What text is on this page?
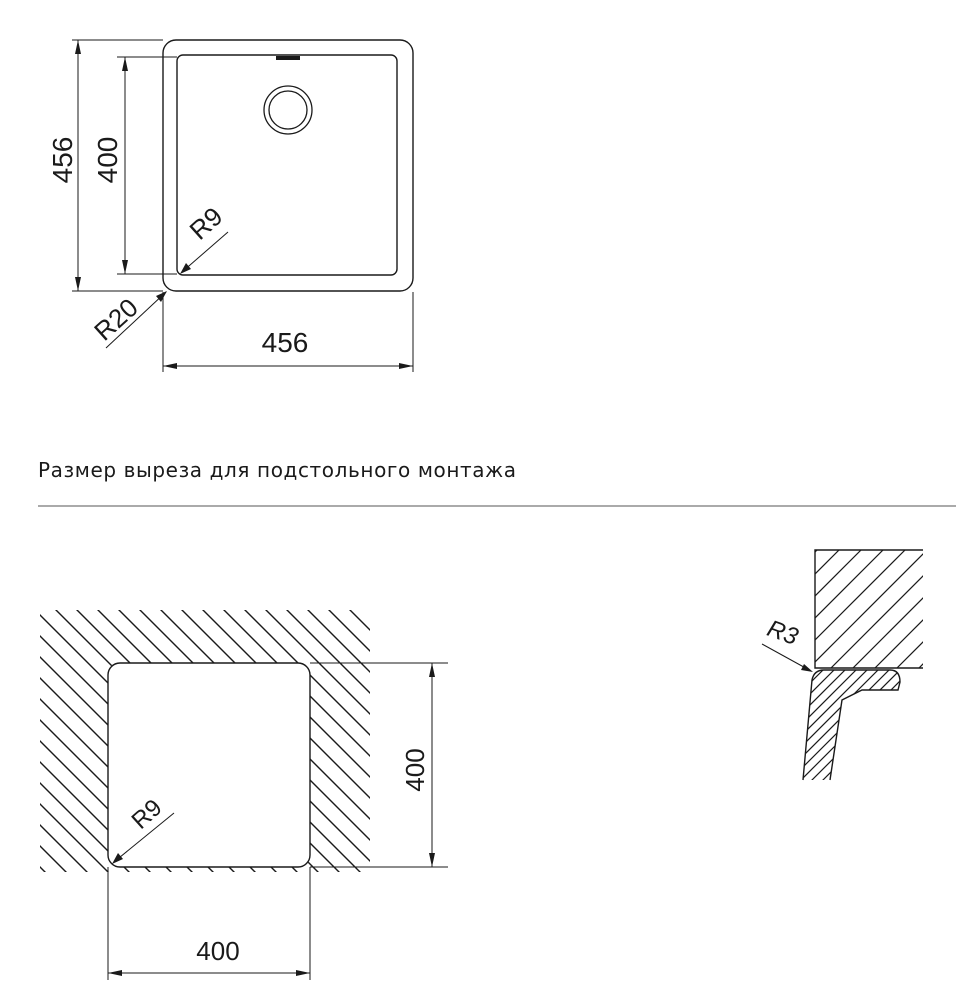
456 400
R9
R20	456
400
R9
400
R3
Размер выреза для подстольного монтажа
